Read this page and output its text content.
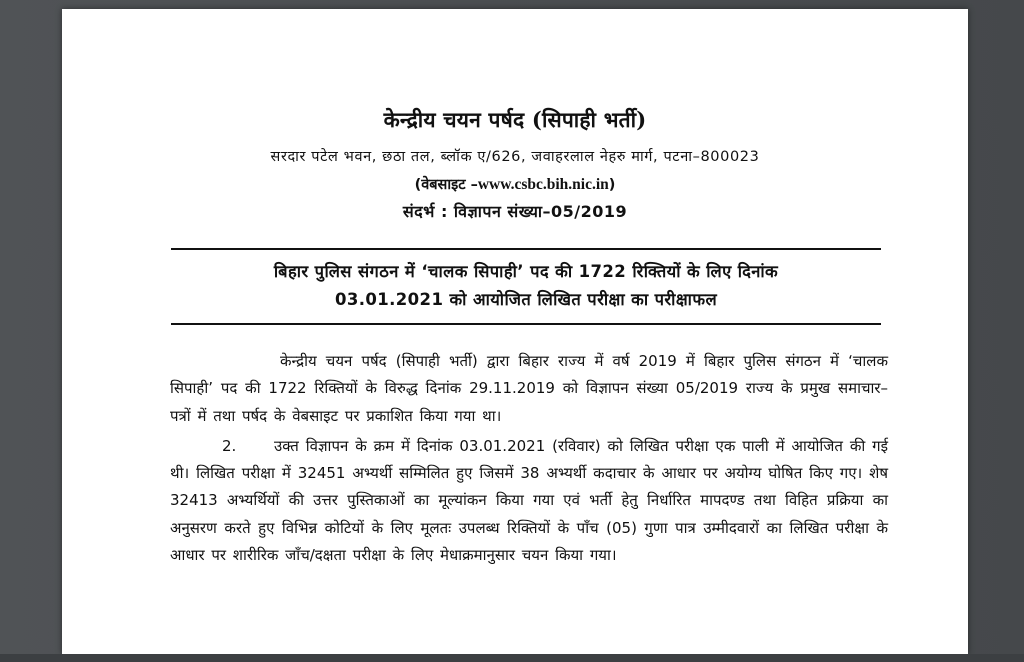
केन्द्रीय चयन पर्षद (सिपाही भर्ती)

सरदार पटेल भवन, छठा तल, ब्लॉक ए/626, जवाहरलाल नेहरु मार्ग, पटना–800023
(वेबसाइट –www.csbc.bih.nic.in)
संदर्भ : विज्ञापन संख्या–05/2019

बिहार पुलिस संगठन में ‘चालक सिपाही’ पद की 1722 रिक्तियों के लिए दिनांक

03.01.2021 को आयोजित लिखित परीक्षा का परीक्षाफल

केन्द्रीय चयन पर्षद (सिपाही भर्ती) द्वारा बिहार राज्य में वर्ष 2019 में बिहार पुलिस संगठन में ‘चालक सिपाही’ पद की 1722 रिक्तियों के विरुद्ध दिनांक 29.11.2019 को विज्ञापन संख्या 05/2019 राज्य के प्रमुख समाचार–पत्रों में तथा पर्षद के वेबसाइट पर प्रकाशित किया गया था।

2.	उक्त विज्ञापन के क्रम में दिनांक 03.01.2021 (रविवार) को लिखित परीक्षा एक पाली में आयोजित की गई थी। लिखित परीक्षा में 32451 अभ्यर्थी सम्मिलित हुए जिसमें 38 अभ्यर्थी कदाचार के आधार पर अयोग्य घोषित किए गए। शेष 32413 अभ्यर्थियों की उत्तर पुस्तिकाओं का मूल्यांकन किया गया एवं भर्ती हेतु निर्धारित मापदण्ड तथा विहित प्रक्रिया का अनुसरण करते हुए विभिन्न कोटियों के लिए मूलतः उपलब्ध रिक्तियों के पाँच (05) गुणा पात्र उम्मीदवारों का लिखित परीक्षा के आधार पर शारीरिक जाँच/दक्षता परीक्षा के लिए मेधाक्रमानुसार चयन किया गया।
